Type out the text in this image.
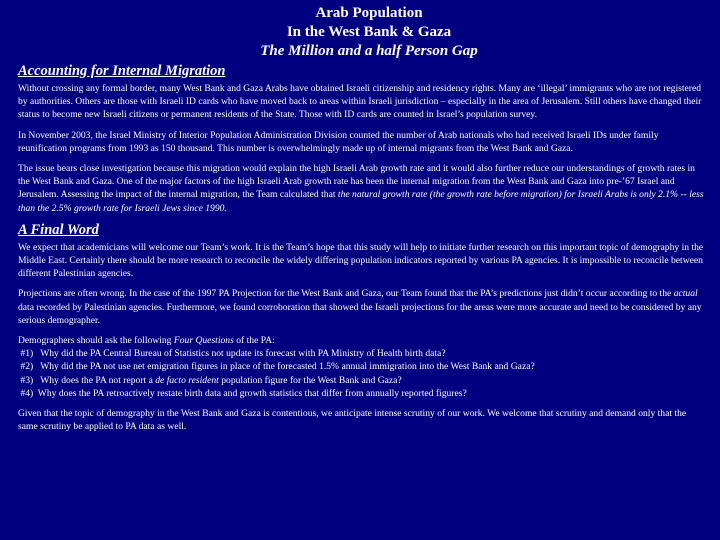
Arab Population
In the West Bank & Gaza
The Million and a half Person Gap
Accounting for Internal Migration

Without crossing any formal border, many West Bank and Gaza Arabs have obtained Israeli citizenship and residency rights. Many are ‘illegal’ immigrants who are not registered by authorities. Others are those with Israeli ID cards who have moved back to areas within Israeli jurisdiction – especially in the area of Jerusalem. Still others have changed their status to become new Israeli citizens or permanent residents of the State. Those with ID cards are counted in Israel’s population survey.

In November 2003, the Israel Ministry of Interior Population Administration Division counted the number of Arab nationals who had received Israeli IDs under family reunification programs from 1993 as 150 thousand. This number is overwhelmingly made up of internal migrants from the West Bank and Gaza.

The issue bears close investigation because this migration would explain the high Israeli Arab growth rate and it would also further reduce our understandings of growth rates in the West Bank and Gaza. One of the major factors of the high Israeli Arab growth rate has been the internal migration from the West Bank and Gaza into pre-’67 Israel and Jerusalem. Assessing the impact of the internal migration, the Team calculated that the natural growth rate (the growth rate before migration) for Israeli Arabs is only 2.1% -- less than the 2.5% growth rate for Israeli Jews since 1990.

A Final Word

We expect that academicians will welcome our Team’s work. It is the Team’s hope that this study will help to initiate further research on this important topic of demography in the Middle East. Certainly there should be more research to reconcile the widely differing population indicators reported by various PA agencies. It is impossible to reconcile between different Palestinian agencies.

Projections are often wrong. In the case of the 1997 PA Projection for the West Bank and Gaza, our Team found that the PA’s predictions just didn’t occur according to the actual data recorded by Palestinian agencies. Furthermore, we found corroboration that showed the Israeli projections for the areas were more accurate and need to be considered by any serious demographer.

Demographers should ask the following Four Questions of the PA:
#1)   Why did the PA Central Bureau of Statistics not update its forecast with PA Ministry of Health birth data?
#2)   Why did the PA not use net emigration figures in place of the forecasted 1.5% annual immigration into the West Bank and Gaza?
#3)   Why does the PA not report a de facto resident population figure for the West Bank and Gaza?
#4)  Why does the PA retroactively restate birth data and growth statistics that differ from annually reported figures?

Given that the topic of demography in the West Bank and Gaza is contentious, we anticipate intense scrutiny of our work. We welcome that scrutiny and demand only that the same scrutiny be applied to PA data as well.
